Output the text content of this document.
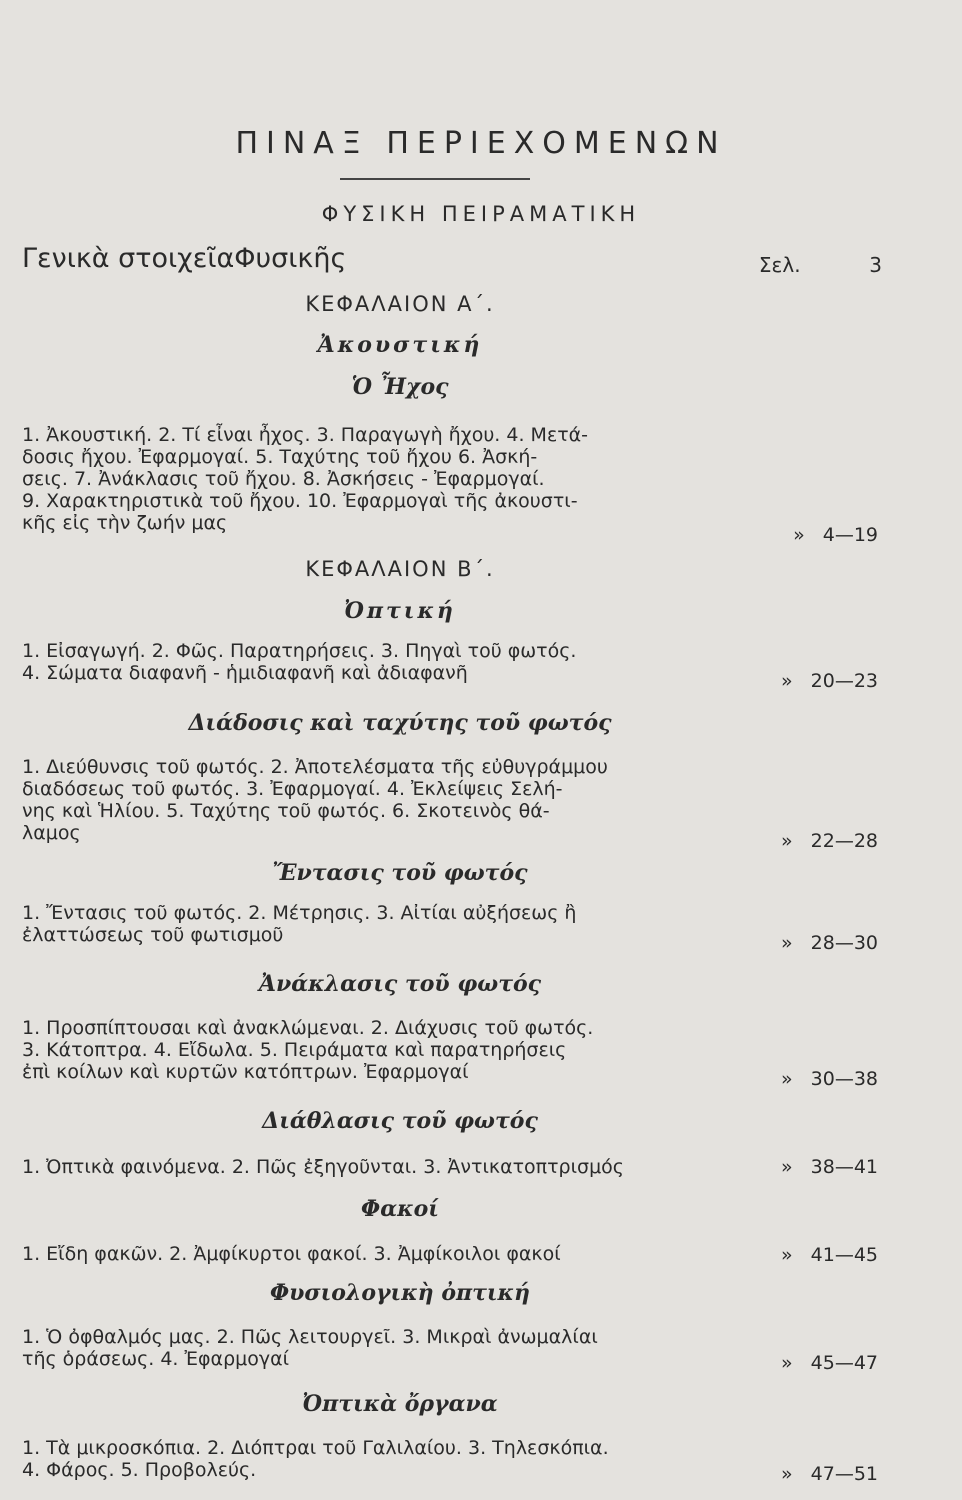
ΠΙΝΑΞ ΠΕΡΙΕΧΟΜΕΝΩΝ
ΦΥΣΙΚΗ ΠΕΙΡΑΜΑΤΙΚΗ
Γενικὰ στοιχεῖαΦυσικῆς	Σελ.	3
ΚΕΦΑΛΑΙΟΝ Α΄.
Ἀκουστική
Ὁ Ἦχος
1. Ἀκουστική. 2. Τί εἶναι ἦχος. 3. Παραγωγὴ ἤχου. 4. Μετά-
δοσις ἤχου. Ἐφαρμογαί. 5. Ταχύτης τοῦ ἤχου 6. Ἀσκή-
σεις. 7. Ἀνάκλασις τοῦ ἤχου. 8. Ἀσκήσεις - Ἐφαρμογαί.
9. Χαρακτηριστικὰ τοῦ ἤχου. 10. Ἐφαρμογαὶ τῆς ἀκουστι-
κῆς εἰς τὴν ζωήν μας
» 4—19
ΚΕΦΑΛΑΙΟΝ Β΄.
Ὀπτική
1. Εἰσαγωγή. 2. Φῶς. Παρατηρήσεις. 3. Πηγαὶ τοῦ φωτός.
4. Σώματα διαφανῆ - ἡμιδιαφανῆ καὶ ἀδιαφανῆ	» 20—23
Διάδοσις καὶ ταχύτης τοῦ φωτός
1. Διεύθυνσις τοῦ φωτός. 2. Ἀποτελέσματα τῆς εὐθυγράμμου
διαδόσεως τοῦ φωτός. 3. Ἐφαρμογαί. 4. Ἐκλείψεις Σελή-
νης καὶ Ἡλίου. 5. Ταχύτης τοῦ φωτός. 6. Σκοτεινὸς θά-
λαμος	» 22—28
Ἔντασις τοῦ φωτός
1. Ἔντασις τοῦ φωτός. 2. Μέτρησις. 3. Αἰτίαι αὐξήσεως ἢ
ἐλαττώσεως τοῦ φωτισμοῦ	» 28—30
Ἀνάκλασις τοῦ φωτός
1. Προσπίπτουσαι καὶ ἀνακλώμεναι. 2. Διάχυσις τοῦ φωτός.
3. Κάτοπτρα. 4. Εἴδωλα. 5. Πειράματα καὶ παρατηρήσεις
ἐπὶ κοίλων καὶ κυρτῶν κατόπτρων. Ἐφαρμογαί	» 30—38
Διάθλασις τοῦ φωτός
1. Ὀπτικὰ φαινόμενα. 2. Πῶς ἐξηγοῦνται. 3. Ἀντικατοπτρισμός	» 38—41
Φακοί
1. Εἴδη φακῶν. 2. Ἀμφίκυρτοι φακοί. 3. Ἀμφίκοιλοι φακοί	» 41—45
Φυσιολογικὴ ὀπτική
1. Ὁ ὀφθαλμός μας. 2. Πῶς λειτουργεῖ. 3. Μικραὶ ἀνωμαλίαι
τῆς ὁράσεως. 4. Ἐφαρμογαί	» 45—47
Ὀπτικὰ ὄργανα
1. Τὰ μικροσκόπια. 2. Διόπτραι τοῦ Γαλιλαίου. 3. Τηλεσκόπια.
4. Φάρος. 5. Προβολεύς.	» 47—51
